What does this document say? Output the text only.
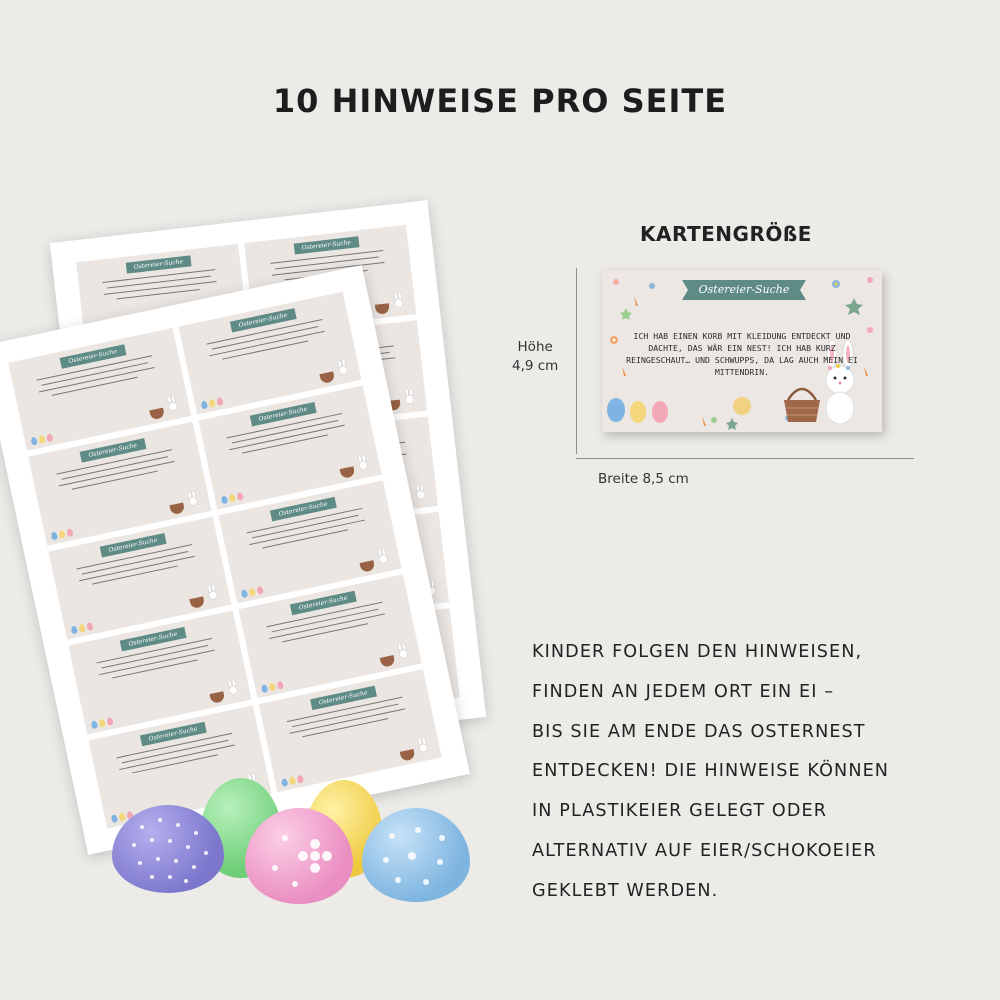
10 HINWEISE PRO SEITE
Ostereier-Suche
Ostereier-Suche
Ostereier-Suche
Ostereier-Suche
Ostereier-Suche
Ostereier-Suche
Ostereier-Suche
Ostereier-Suche
Ostereier-Suche
Ostereier-Suche
Ostereier-Suche
Ostereier-Suche
KARTENGRÖßE
Höhe
4,9 cm
Breite 8,5 cm
Ostereier-Suche
ICH HAB EINEN KORB MIT KLEIDUNG ENTDECKT UND DACHTE, DAS WÄR EIN NEST! ICH HAB KURZ REINGESCHAUT… UND SCHWUPPS, DA LAG AUCH MEIN EI MITTENDRIN.
KINDER FOLGEN DEN HINWEISEN,
FINDEN AN JEDEM ORT EIN EI –
BIS SIE AM ENDE DAS OSTERNEST
ENTDECKEN! DIE HINWEISE KÖNNEN
IN PLASTIKEIER GELEGT ODER
ALTERNATIV AUF EIER/SCHOKOEIER
GEKLEBT WERDEN.
